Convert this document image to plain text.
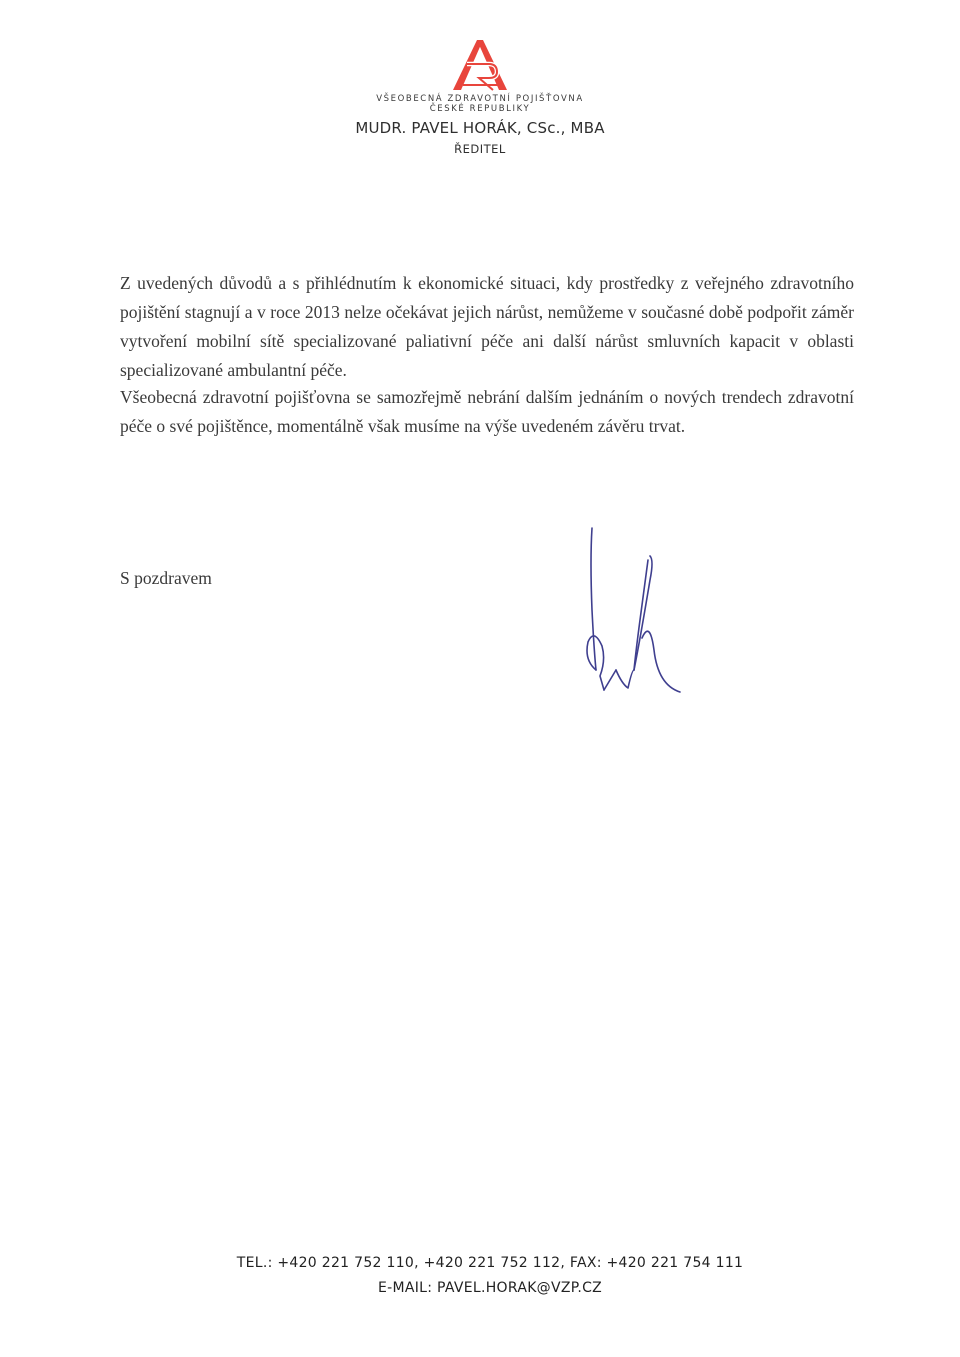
VŠEOBECNÁ ZDRAVOTNÍ POJIŠŤOVNA
ČESKÉ REPUBLIKY
MUDR. PAVEL HORÁK, CSc., MBA
ŘEDITEL

Z uvedených důvodů a s přihlédnutím k ekonomické situaci, kdy prostředky z veřejného zdravotního pojištění stagnují a v roce 2013 nelze očekávat jejich nárůst, nemůžeme v současné době podpořit záměr vytvoření mobilní sítě specializované paliativní péče ani další nárůst smluvních kapacit v oblasti specializované ambulantní péče.

Všeobecná zdravotní pojišťovna se samozřejmě nebrání dalším jednáním o nových trendech zdravotní péče o své pojištěnce, momentálně však musíme na výše uvedeném závěru trvat.

S pozdravem
TEL.: +420 221 752 110, +420 221 752 112, FAX: +420 221 754 111
E-MAIL: PAVEL.HORAK@VZP.CZ
